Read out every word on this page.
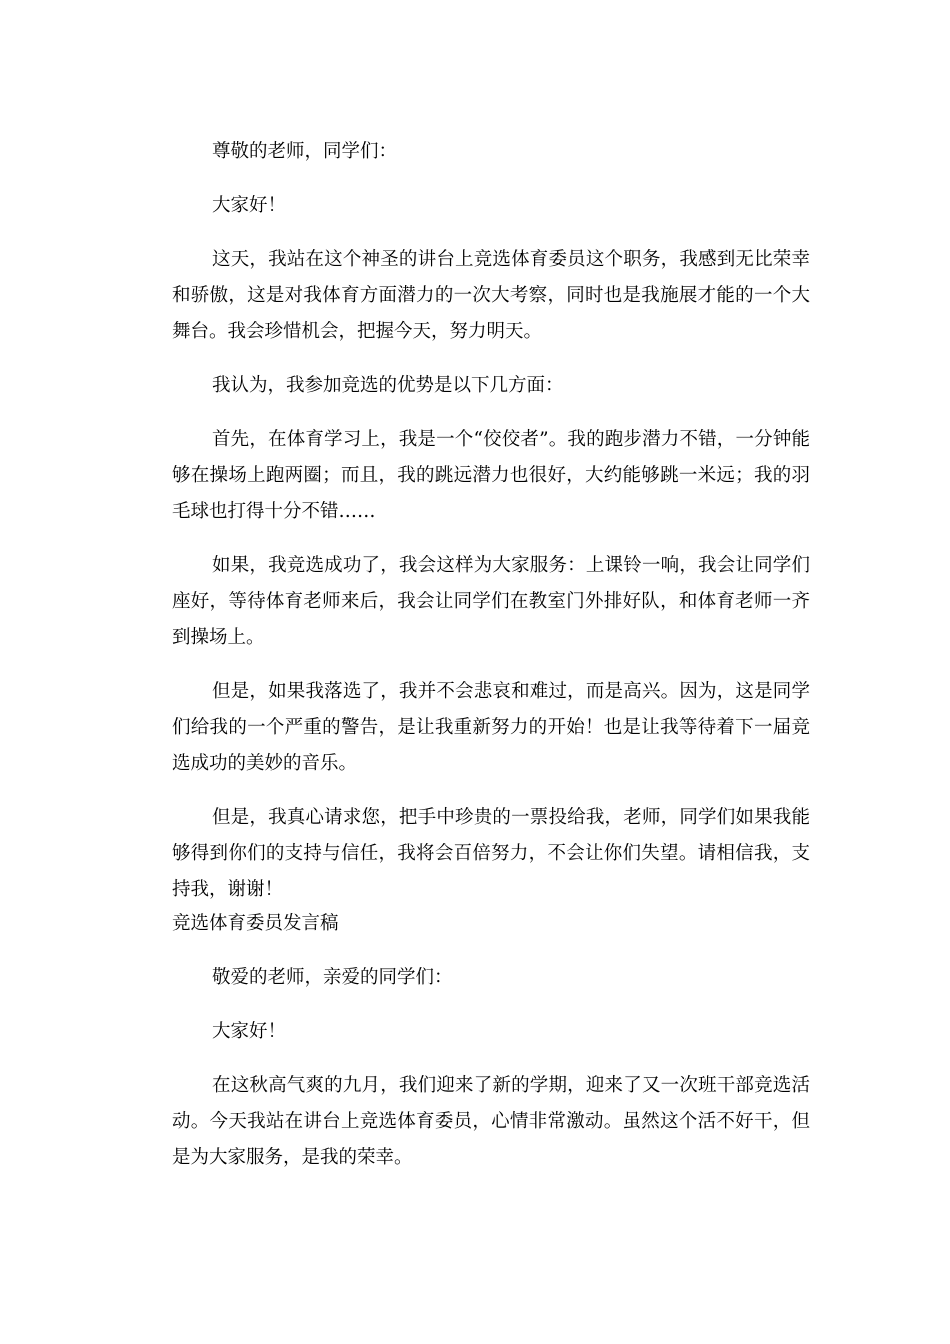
尊敬的老师，同学们：

大家好！

这天，我站在这个神圣的讲台上竞选体育委员这个职务，我感到无比荣幸和骄傲，这是对我体育方面潜力的一次大考察，同时也是我施展才能的一个大舞台。我会珍惜机会，把握今天，努力明天。

我认为，我参加竞选的优势是以下几方面：

首先，在体育学习上，我是一个“佼佼者”。我的跑步潜力不错，一分钟能够在操场上跑两圈；而且，我的跳远潜力也很好，大约能够跳一米远；我的羽毛球也打得十分不错……

如果，我竞选成功了，我会这样为大家服务：上课铃一响，我会让同学们座好，等待体育老师来后，我会让同学们在教室门外排好队，和体育老师一齐到操场上。

但是，如果我落选了，我并不会悲哀和难过，而是高兴。因为，这是同学们给我的一个严重的警告，是让我重新努力的开始！也是让我等待着下一届竞选成功的美妙的音乐。

但是，我真心请求您，把手中珍贵的一票投给我，老师，同学们如果我能够得到你们的支持与信任，我将会百倍努力，不会让你们失望。请相信我，支持我，谢谢！

竞选体育委员发言稿

敬爱的老师，亲爱的同学们：

大家好！

在这秋高气爽的九月，我们迎来了新的学期，迎来了又一次班干部竞选活动。今天我站在讲台上竞选体育委员，心情非常激动。虽然这个活不好干，但是为大家服务，是我的荣幸。
